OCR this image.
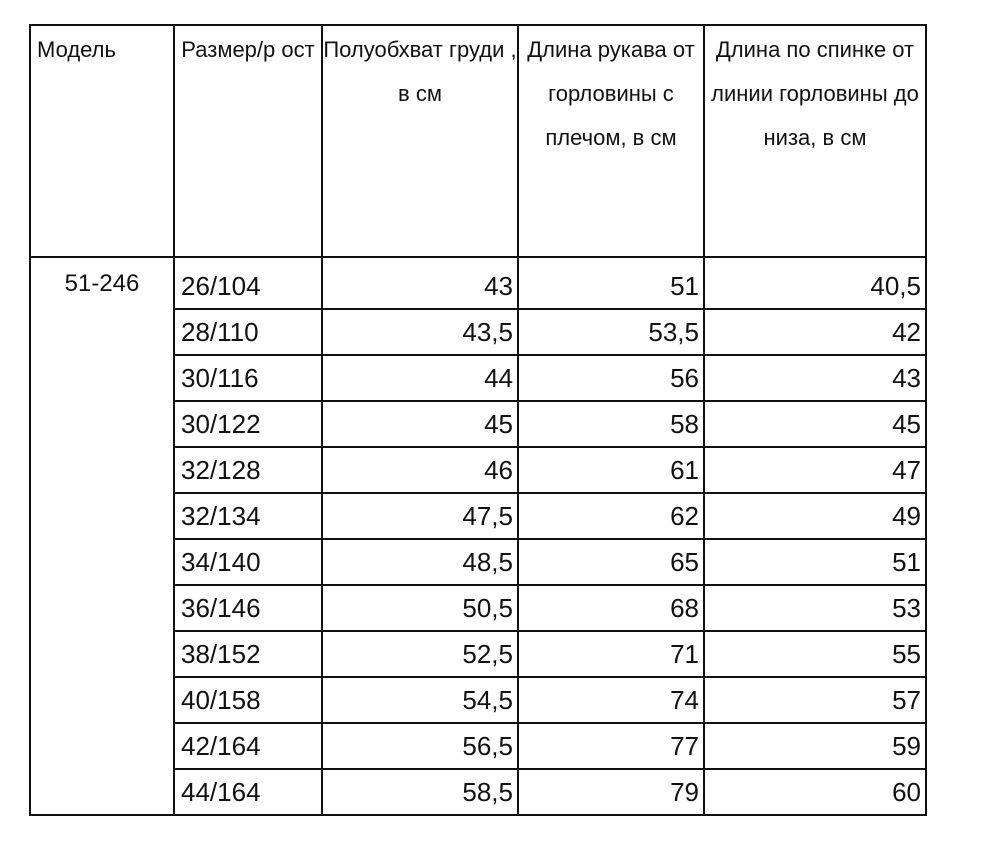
Модель	Размер/р ост	Полуобхват груди , в см	Длина рукава от горловины с плечом, в см	Длина по спинке от линии горловины до низа, в см
51-246	26/104	43	51	40,5
	28/110	43,5	53,5	42
	30/116	44	56	43
	30/122	45	58	45
	32/128	46	61	47
	32/134	47,5	62	49
	34/140	48,5	65	51
	36/146	50,5	68	53
	38/152	52,5	71	55
	40/158	54,5	74	57
	42/164	56,5	77	59
	44/164	58,5	79	60
